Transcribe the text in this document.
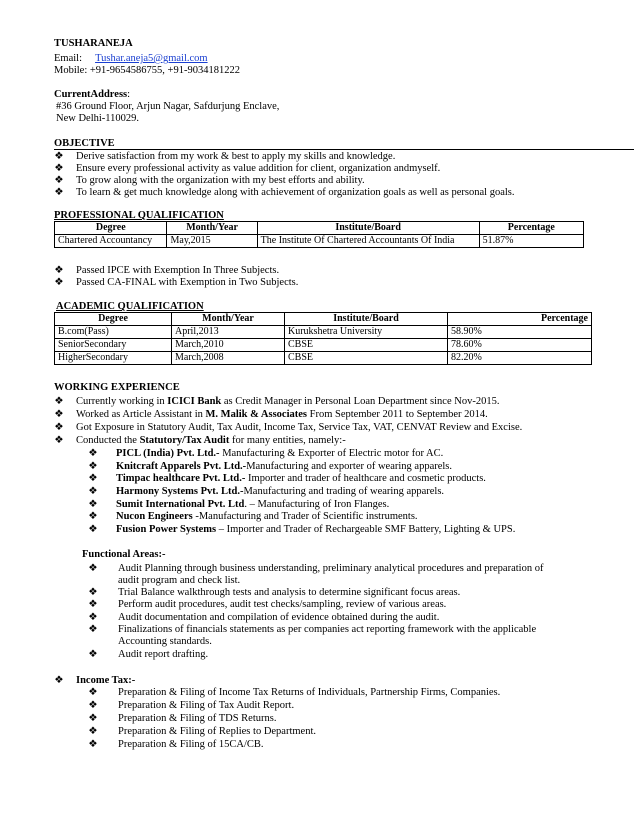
TUSHARANEJA
Email: Tushar.aneja5@gmail.com
Mobile: +91-9654586755, +91-9034181222
CurrentAddress:
#36 Ground Floor, Arjun Nagar, Safdurjung Enclave,
New Delhi-110029.
OBJECTIVE
❖ Derive satisfaction from my work & best to apply my skills and knowledge.
❖ Ensure every professional activity as value addition for client, organization andmyself.
❖ To grow along with the organization with my best efforts and ability.
❖ To learn & get much knowledge along with achievement of organization goals as well as personal goals.
PROFESSIONAL QUALIFICATION
Degree	Month/Year	Institute/Board	Percentage
Chartered Accountancy	May,2015	The Institute Of Chartered Accountants Of India	51.87%
❖ Passed IPCE with Exemption In Three Subjects.
❖ Passed CA-FINAL with Exemption in Two Subjects.
ACADEMIC QUALIFICATION
Degree	Month/Year	Institute/Board	Percentage
B.com(Pass)	April,2013	Kurukshetra University	58.90%
SeniorSecondary	March,2010	CBSE	78.60%
HigherSecondary	March,2008	CBSE	82.20%
WORKING EXPERIENCE
❖ Currently working in ICICI Bank as Credit Manager in Personal Loan Department since Nov-2015.
❖ Worked as Article Assistant in M. Malik & Associates From September 2011 to September 2014.
❖ Got Exposure in Statutory Audit, Tax Audit, Income Tax, Service Tax, VAT, CENVAT Review and Excise.
❖ Conducted the Statutory/Tax Audit for many entities, namely:-
❖ PICL (India) Pvt. Ltd.- Manufacturing & Exporter of Electric motor for AC.
❖ Knitcraft Apparels Pvt. Ltd.-Manufacturing and exporter of wearing apparels.
❖ Timpac healthcare Pvt. Ltd.- Importer and trader of healthcare and cosmetic products.
❖ Harmony Systems Pvt. Ltd.-Manufacturing and trading of wearing apparels.
❖ Sumit International Pvt. Ltd. – Manufacturing of Iron Flanges.
❖ Nucon Engineers -Manufacturing and Trader of Scientific instruments.
❖ Fusion Power Systems – Importer and Trader of Rechargeable SMF Battery, Lighting & UPS.
Functional Areas:-
❖ Audit Planning through business understanding, preliminary analytical procedures and preparation of
audit program and check list.
❖ Trial Balance walkthrough tests and analysis to determine significant focus areas.
❖ Perform audit procedures, audit test checks/sampling, review of various areas.
❖ Audit documentation and compilation of evidence obtained during the audit.
❖ Finalizations of financials statements as per companies act reporting framework with the applicable
Accounting standards.
❖ Audit report drafting.
❖ Income Tax:-
❖ Preparation & Filing of Income Tax Returns of Individuals, Partnership Firms, Companies.
❖ Preparation & Filing of Tax Audit Report.
❖ Preparation & Filing of TDS Returns.
❖ Preparation & Filing of Replies to Department.
❖ Preparation & Filing of 15CA/CB.
